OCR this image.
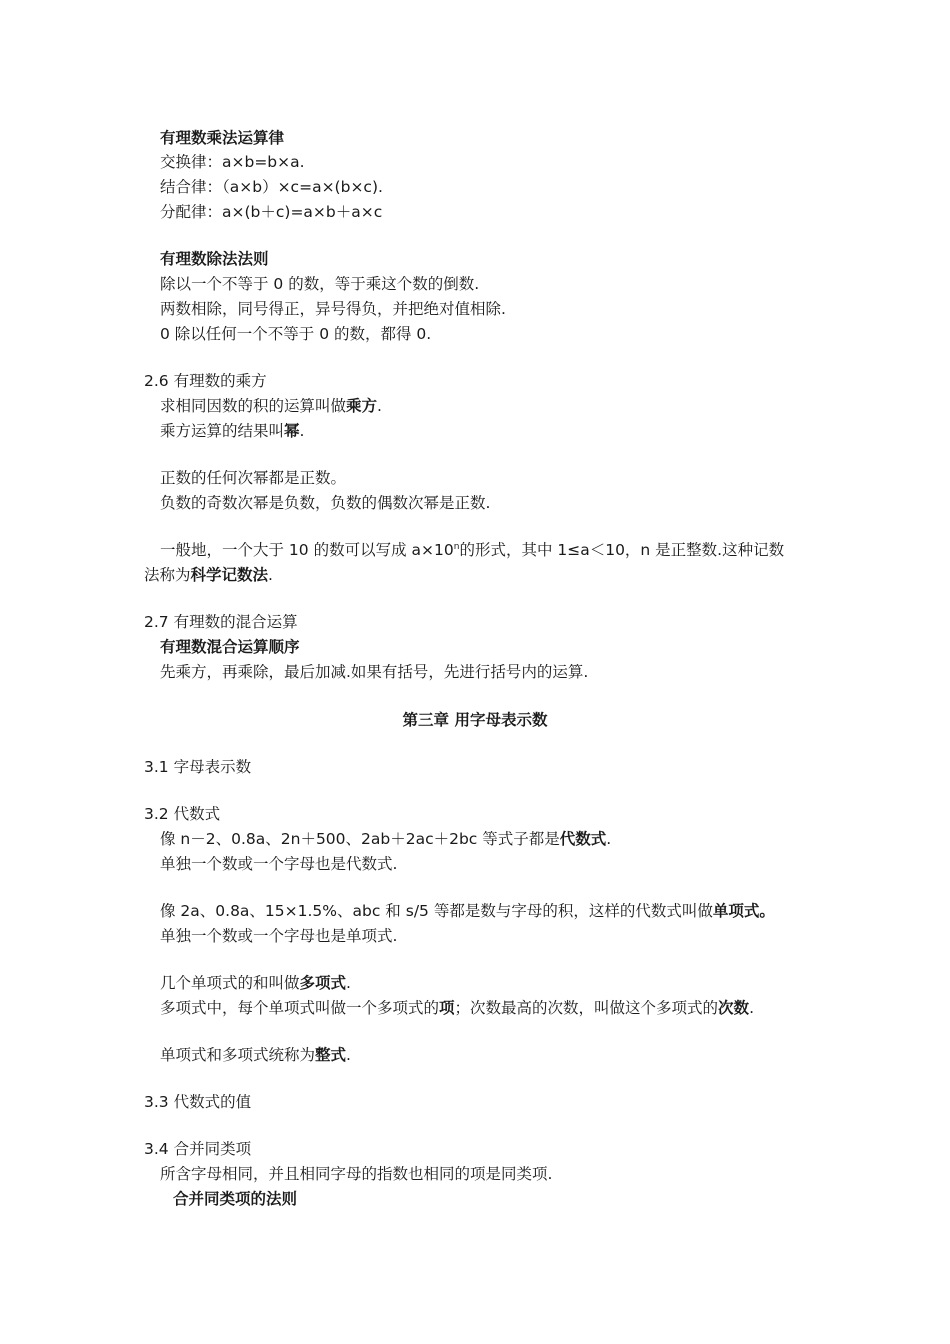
有理数乘法运算律
交换律：a×b=b×a.
结合律：（a×b）×c=a×(b×c).
分配律：a×(b＋c)=a×b＋a×c
有理数除法法则
除以一个不等于 0 的数，等于乘这个数的倒数.
两数相除，同号得正，异号得负，并把绝对值相除.
0 除以任何一个不等于 0 的数，都得 0.
2.6 有理数的乘方
求相同因数的积的运算叫做乘方.
乘方运算的结果叫幂.
正数的任何次幂都是正数。
负数的奇数次幂是负数，负数的偶数次幂是正数.
一般地，一个大于 10 的数可以写成 $a\times 10^n$的形式，其中 1≤a＜10，n 是正整数.这种记数
法称为科学记数法.
2.7 有理数的混合运算
有理数混合运算顺序
先乘方，再乘除，最后加减.如果有括号，先进行括号内的运算.
第三章 用字母表示数
3.1 字母表示数
3.2 代数式
像 n－2、0.8a、2n＋500、2ab＋2ac＋2bc 等式子都是代数式.
单独一个数或一个字母也是代数式.
像 2a、0.8a、15×1.5%、abc 和 s/5 等都是数与字母的积，这样的代数式叫做单项式。
单独一个数或一个字母也是单项式.
几个单项式的和叫做多项式.
多项式中，每个单项式叫做一个多项式的项；次数最高的次数，叫做这个多项式的次数.
单项式和多项式统称为整式.
3.3 代数式的值
3.4 合并同类项
所含字母相同，并且相同字母的指数也相同的项是同类项.
合并同类项的法则
